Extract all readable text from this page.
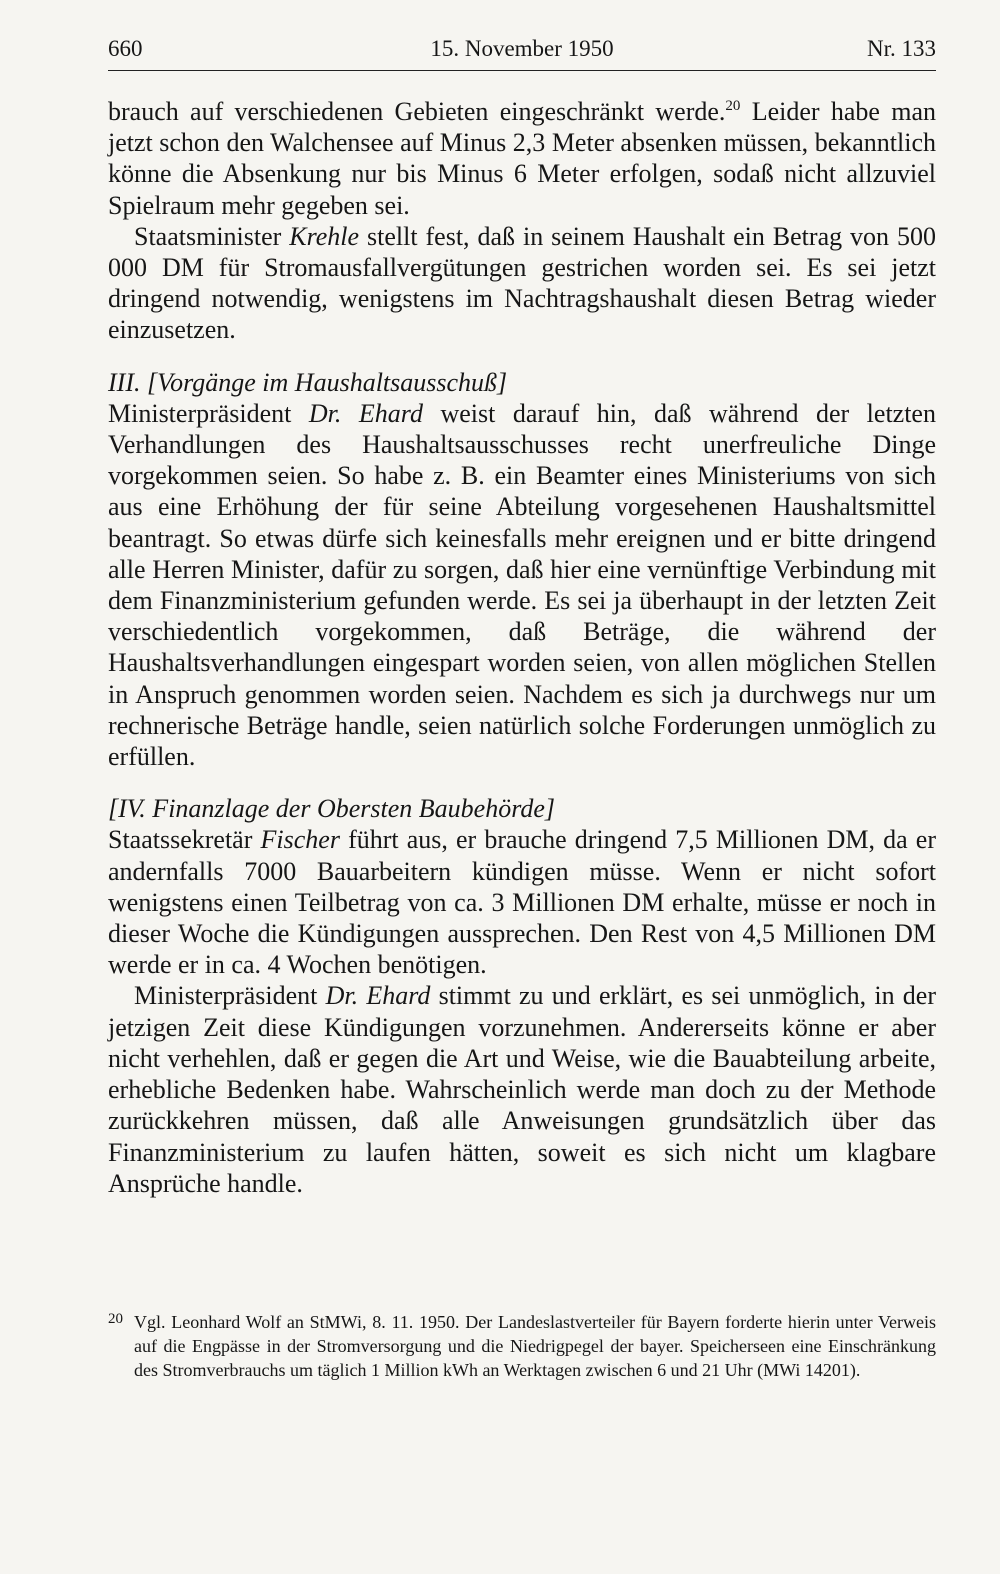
660	15. November 1950	Nr. 133

brauch auf verschiedenen Gebieten eingeschränkt werde.$^{20}$ Leider habe man jetzt schon den Walchensee auf Minus 2,3 Meter absenken müssen, bekanntlich könne die Absenkung nur bis Minus 6 Meter erfolgen, sodaß nicht allzuviel Spielraum mehr gegeben sei.

Staatsminister Krehle stellt fest, daß in seinem Haushalt ein Betrag von 500 000 DM für Stromausfallvergütungen gestrichen worden sei. Es sei jetzt dringend notwendig, wenigstens im Nachtragshaushalt diesen Betrag wieder einzusetzen.

III. [Vorgänge im Haushaltsausschuß]

Ministerpräsident Dr. Ehard weist darauf hin, daß während der letzten Verhandlungen des Haushaltsausschusses recht unerfreuliche Dinge vorgekommen seien. So habe z. B. ein Beamter eines Ministeriums von sich aus eine Erhöhung der für seine Abteilung vorgesehenen Haushaltsmittel beantragt. So etwas dürfe sich keinesfalls mehr ereignen und er bitte dringend alle Herren Minister, dafür zu sorgen, daß hier eine vernünftige Verbindung mit dem Finanzministerium gefunden werde. Es sei ja überhaupt in der letzten Zeit verschiedentlich vorgekommen, daß Beträge, die während der Haushaltsverhandlungen eingespart worden seien, von allen möglichen Stellen in Anspruch genommen worden seien. Nachdem es sich ja durchwegs nur um rechnerische Beträge handle, seien natürlich solche Forderungen unmöglich zu erfüllen.

[IV. Finanzlage der Obersten Baubehörde]

Staatssekretär Fischer führt aus, er brauche dringend 7,5 Millionen DM, da er andernfalls 7000 Bauarbeitern kündigen müsse. Wenn er nicht sofort wenigstens einen Teilbetrag von ca. 3 Millionen DM erhalte, müsse er noch in dieser Woche die Kündigungen aussprechen. Den Rest von 4,5 Millionen DM werde er in ca. 4 Wochen benötigen.

Ministerpräsident Dr. Ehard stimmt zu und erklärt, es sei unmöglich, in der jetzigen Zeit diese Kündigungen vorzunehmen. Andererseits könne er aber nicht verhehlen, daß er gegen die Art und Weise, wie die Bauabteilung arbeite, erhebliche Bedenken habe. Wahrscheinlich werde man doch zu der Methode zurückkehren müssen, daß alle Anweisungen grundsätzlich über das Finanzministerium zu laufen hätten, soweit es sich nicht um klagbare Ansprüche handle.

20 Vgl. Leonhard Wolf an StMWi, 8. 11. 1950. Der Landeslastverteiler für Bayern forderte hierin unter Verweis auf die Engpässe in der Stromversorgung und die Niedrigpegel der bayer. Speicherseen eine Einschränkung des Stromverbrauchs um täglich 1 Million kWh an Werktagen zwischen 6 und 21 Uhr (MWi 14201).
